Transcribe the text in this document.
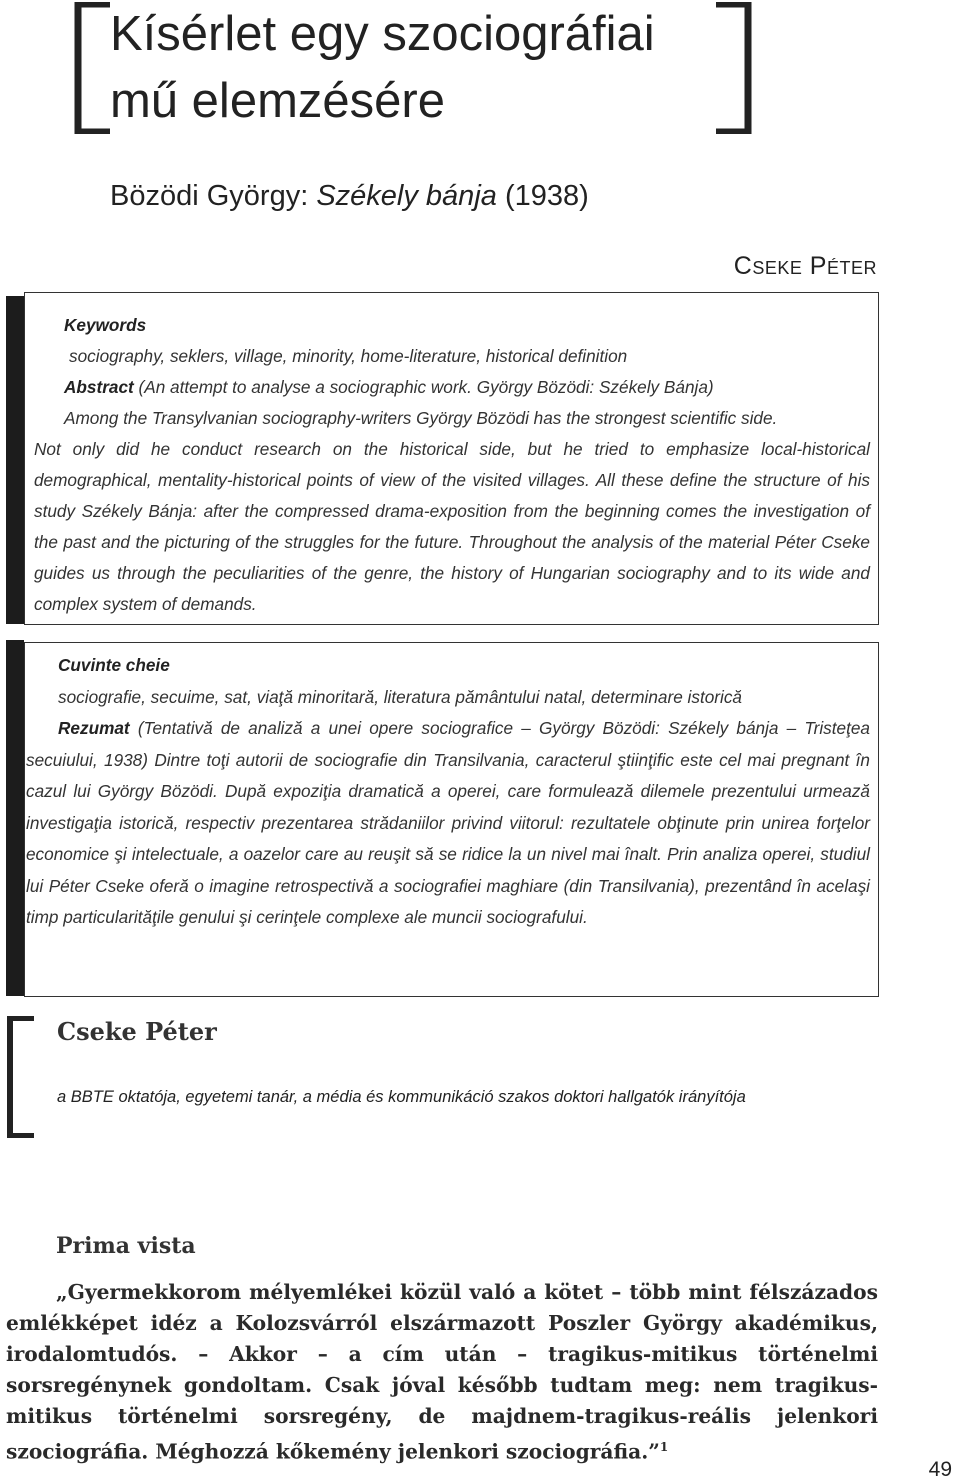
Kísérlet egy szociográfiai
mű elemzésére
Bözödi György: Székely bánja (1938)
Cseke Péter

Keywords

sociography, seklers, village, minority, home-literature, historical definition

Abstract (An attempt to analyse a sociographic work. György Bözödi: Székely Bánja)

Among the Transylvanian sociography-writers György Bözödi has the strongest scientific side.

Not only did he conduct research on the historical side, but he tried to emphasize local-historical demographical, mentality-historical points of view of the visited villages. All these define the structure of his study Székely Bánja: after the compressed drama-exposition from the beginning comes the investigation of the past and the picturing of the struggles for the future. Throughout the analysis of the material Péter Cseke guides us through the peculiarities of the genre, the history of Hungarian sociography and to its wide and complex system of demands.

Cuvinte cheie

sociografie, secuime, sat, viaţă minoritară, literatura pământului natal, determinare istorică

Rezumat (Tentativă de analiză a unei opere sociografice – György Bözödi: Székely bánja – Tristeţea secuiului, 1938) Dintre toţi autorii de sociografie din Transilvania, caracterul ştiinţific este cel mai pregnant în cazul lui György Bözödi. După expoziţia dramatică a operei, care formulează dilemele prezentului urmează investigaţia istorică, respectiv prezentarea strădaniilor privind viitorul: rezultatele obţinute prin unirea forţelor economice şi intelectuale, a oazelor care au reuşit să se ridice la un nivel mai înalt. Prin analiza operei, studiul lui Péter Cseke oferă o imagine retrospectivă a sociografiei maghiare (din Transilvania), prezentând în acelaşi timp particularităţile genului şi cerinţele complexe ale muncii sociografului.

Cseke Péter
a BBTE oktatója, egyetemi tanár, a média és kommunikáció szakos doktori hallgatók irányítója
Prima vista
„Gyermekkorom mélyemlékei közül való a kötet – több mint félszázados emlékképet idéz a Kolozsvárról elszármazott Poszler György akadémikus, irodalomtudós. – Akkor – a cím után – tragikus-mitikus történelmi sorsregénynek gondoltam. Csak jóval később tudtam meg: nem tragikus-mitikus történelmi sorsregény, de majdnem-tragikus-reális jelenkori szociográfia. Méghozzá kőkemény jelenkori szociográfia.”$^1$
49
